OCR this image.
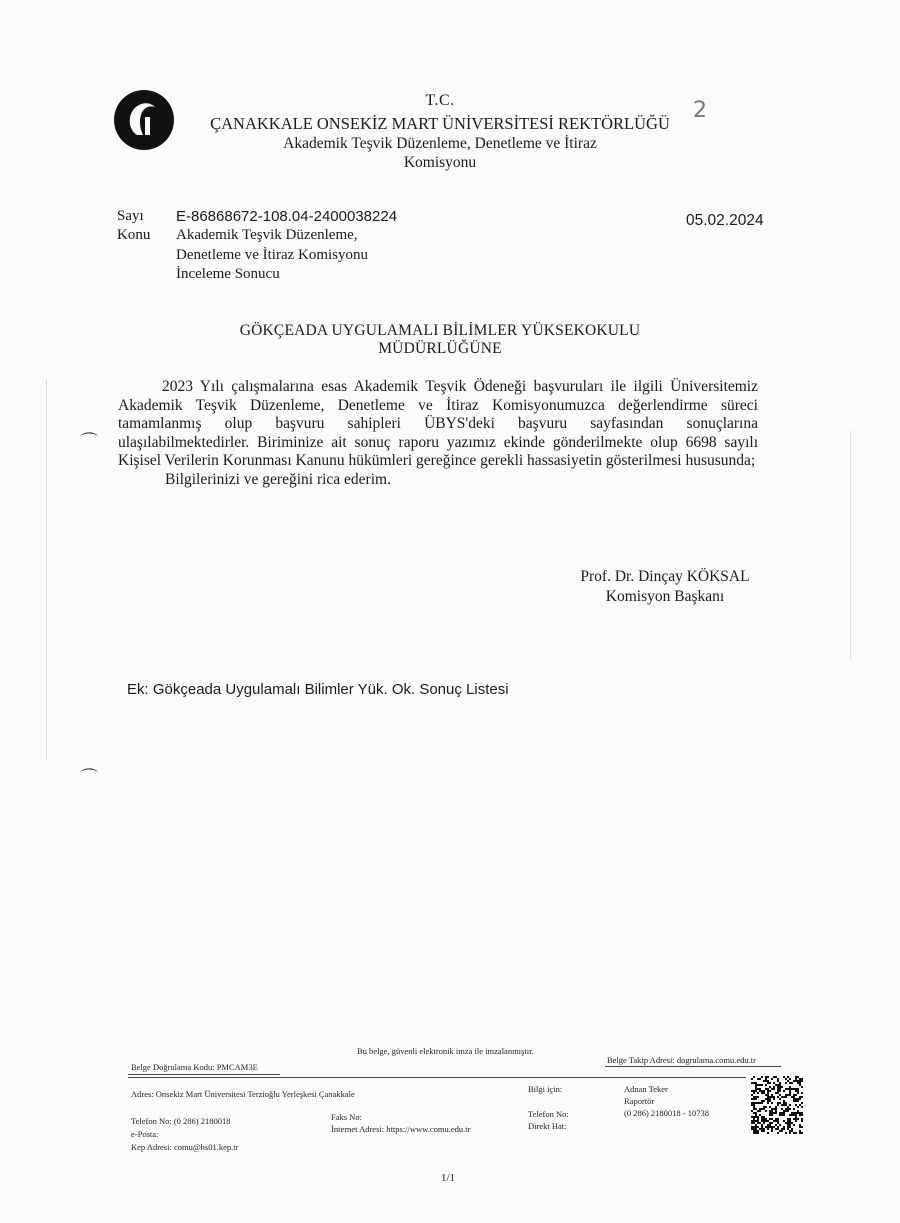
⌒
⌒
T.C.
ÇANAKKALE ONSEKİZ MART ÜNİVERSİTESİ REKTÖRLÜĞÜ
Akademik Teşvik Düzenleme, Denetleme ve İtiraz
Komisyonu
2
Sayı	E-86868672-108.04-2400038224
Konu	Akademik Teşvik Düzenleme,
Denetleme ve İtiraz Komisyonu
İnceleme Sonucu
05.02.2024
GÖKÇEADA UYGULAMALI BİLİMLER YÜKSEKOKULU MÜDÜRLÜĞÜNE

2023 Yılı çalışmalarına esas Akademik Teşvik Ödeneği başvuruları ile ilgili Üniversitemiz Akademik Teşvik Düzenleme, Denetleme ve İtiraz Komisyonumuzca değerlendirme süreci tamamlanmış olup başvuru sahipleri ÜBYS'deki başvuru sayfasından sonuçlarına ulaşılabilmektedirler. Biriminize ait sonuç raporu yazımız ekinde gönderilmekte olup 6698 sayılı Kişisel Verilerin Korunması Kanunu hükümleri gereğince gerekli hassasiyetin gösterilmesi hususunda;

Bilgilerinizi ve gereğini rica ederim.
Prof. Dr. Dinçay KÖKSAL
Komisyon Başkanı
Ek: Gökçeada Uygulamalı Bilimler Yük. Ok. Sonuç Listesi
Bu belge, güvenli elektronik imza ile imzalanmıştır.
Belge Doğrulama Kodu: PMCAM3E
Belge Takip Adresi: dogrulama.comu.edu.tr
Adres: Onsekiz Mart Üniversitesi Terzioğlu Yerleşkesi Çanakkale
Telefon No: (0 286) 2180018
e-Posta:
Kep Adresi: comu@hs01.kep.tr
Faks No:
İnternet Adresi: https://www.comu.edu.tr
Bilgi için:
Telefon No:
Direkt Hat:
Adnan Teker
Raportör
(0 286) 2180018 - 10738
1/1
